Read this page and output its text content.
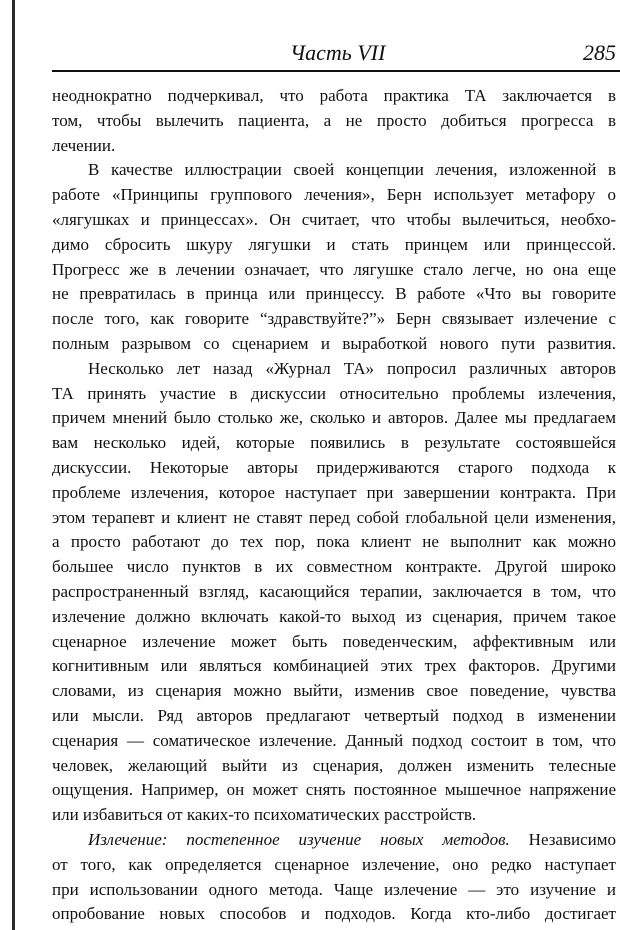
Часть VII	285
неоднократно подчеркивал, что работа практика ТА заключается в
том, чтобы вылечить пациента, а не просто добиться прогресса в
лечении.
В качестве иллюстрации своей концепции лечения, изложенной в
работе «Принципы группового лечения», Берн использует метафору о
«лягушках и принцессах». Он считает, что чтобы вылечиться, необхо-
димо сбросить шкуру лягушки и стать принцем или принцессой.
Прогресс же в лечении означает, что лягушке стало легче, но она еще
не превратилась в принца или принцессу. В работе «Что вы говорите
после того, как говорите “здравствуйте?”» Берн связывает излечение с
полным разрывом со сценарием и выработкой нового пути развития.
Несколько лет назад «Журнал ТА» попросил различных авторов
ТА принять участие в дискуссии относительно проблемы излечения,
причем мнений было столько же, сколько и авторов. Далее мы предлагаем
вам несколько идей, которые появились в результате состоявшейся
дискуссии. Некоторые авторы придерживаются старого подхода к
проблеме излечения, которое наступает при завершении контракта. При
этом терапевт и клиент не ставят перед собой глобальной цели изменения,
а просто работают до тех пор, пока клиент не выполнит как можно
большее число пунктов в их совместном контракте. Другой широко
распространенный взгляд, касающийся терапии, заключается в том, что
излечение должно включать какой-то выход из сценария, причем такое
сценарное излечение может быть поведенческим, аффективным или
когнитивным или являться комбинацией этих трех факторов. Другими
словами, из сценария можно выйти, изменив свое поведение, чувства
или мысли. Ряд авторов предлагают четвертый подход в изменении
сценария — соматическое излечение. Данный подход состоит в том, что
человек, желающий выйти из сценария, должен изменить телесные
ощущения. Например, он может снять постоянное мышечное напряжение
или избавиться от каких-то психоматических расстройств.
Излечение: постепенное изучение новых методов. Независимо
от того, как определяется сценарное излечение, оно редко наступает
при использовании одного метода. Чаще излечение — это изучение и
опробование новых способов и подходов. Когда кто-либо достигает
